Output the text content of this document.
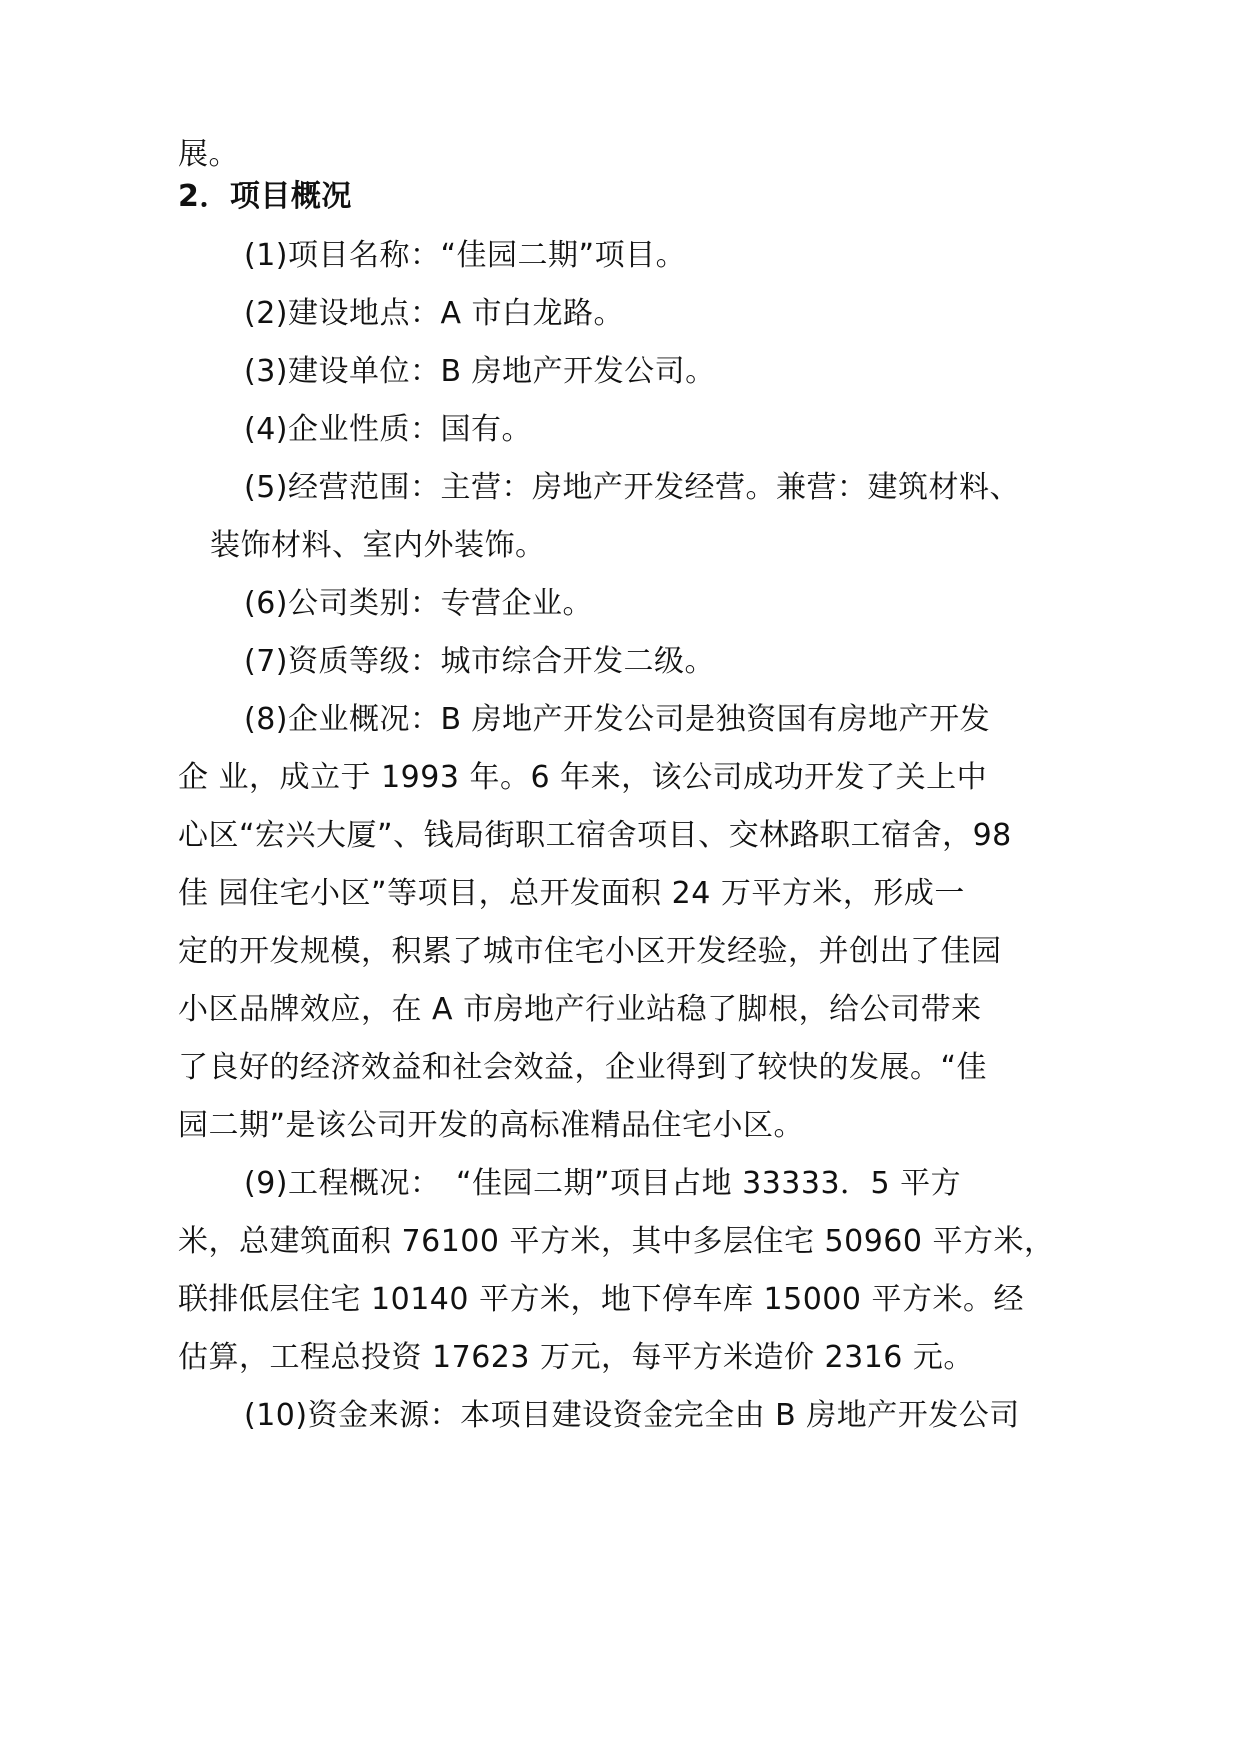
展。
2．项目概况
(1)项目名称：“佳园二期”项目。
(2)建设地点：A 市白龙路。
(3)建设单位：B 房地产开发公司。
(4)企业性质：国有。
(5)经营范围：主营：房地产开发经营。兼营：建筑材料、
装饰材料、室内外装饰。
(6)公司类别：专营企业。
(7)资质等级：城市综合开发二级。
(8)企业概况：B 房地产开发公司是独资国有房地产开发
企 业，成立于 1993 年。6 年来，该公司成功开发了关上中
心区“宏兴大厦”、钱局街职工宿舍项目、交林路职工宿舍，98
佳 园住宅小区”等项目，总开发面积 24 万平方米，形成一
定的开发规模，积累了城市住宅小区开发经验，并创出了佳园
小区品牌效应，在 A 市房地产行业站稳了脚根，给公司带来
了良好的经济效益和社会效益，企业得到了较快的发展。“佳
园二期”是该公司开发的高标准精品住宅小区。
(9)工程概况：　“佳园二期”项目占地 33333．5 平方
米，总建筑面积 76100 平方米，其中多层住宅 50960 平方米，
联排低层住宅 10140 平方米，地下停车库 15000 平方米。经
估算，工程总投资 17623 万元，每平方米造价 2316 元。
(10)资金来源：本项目建设资金完全由 B 房地产开发公司
